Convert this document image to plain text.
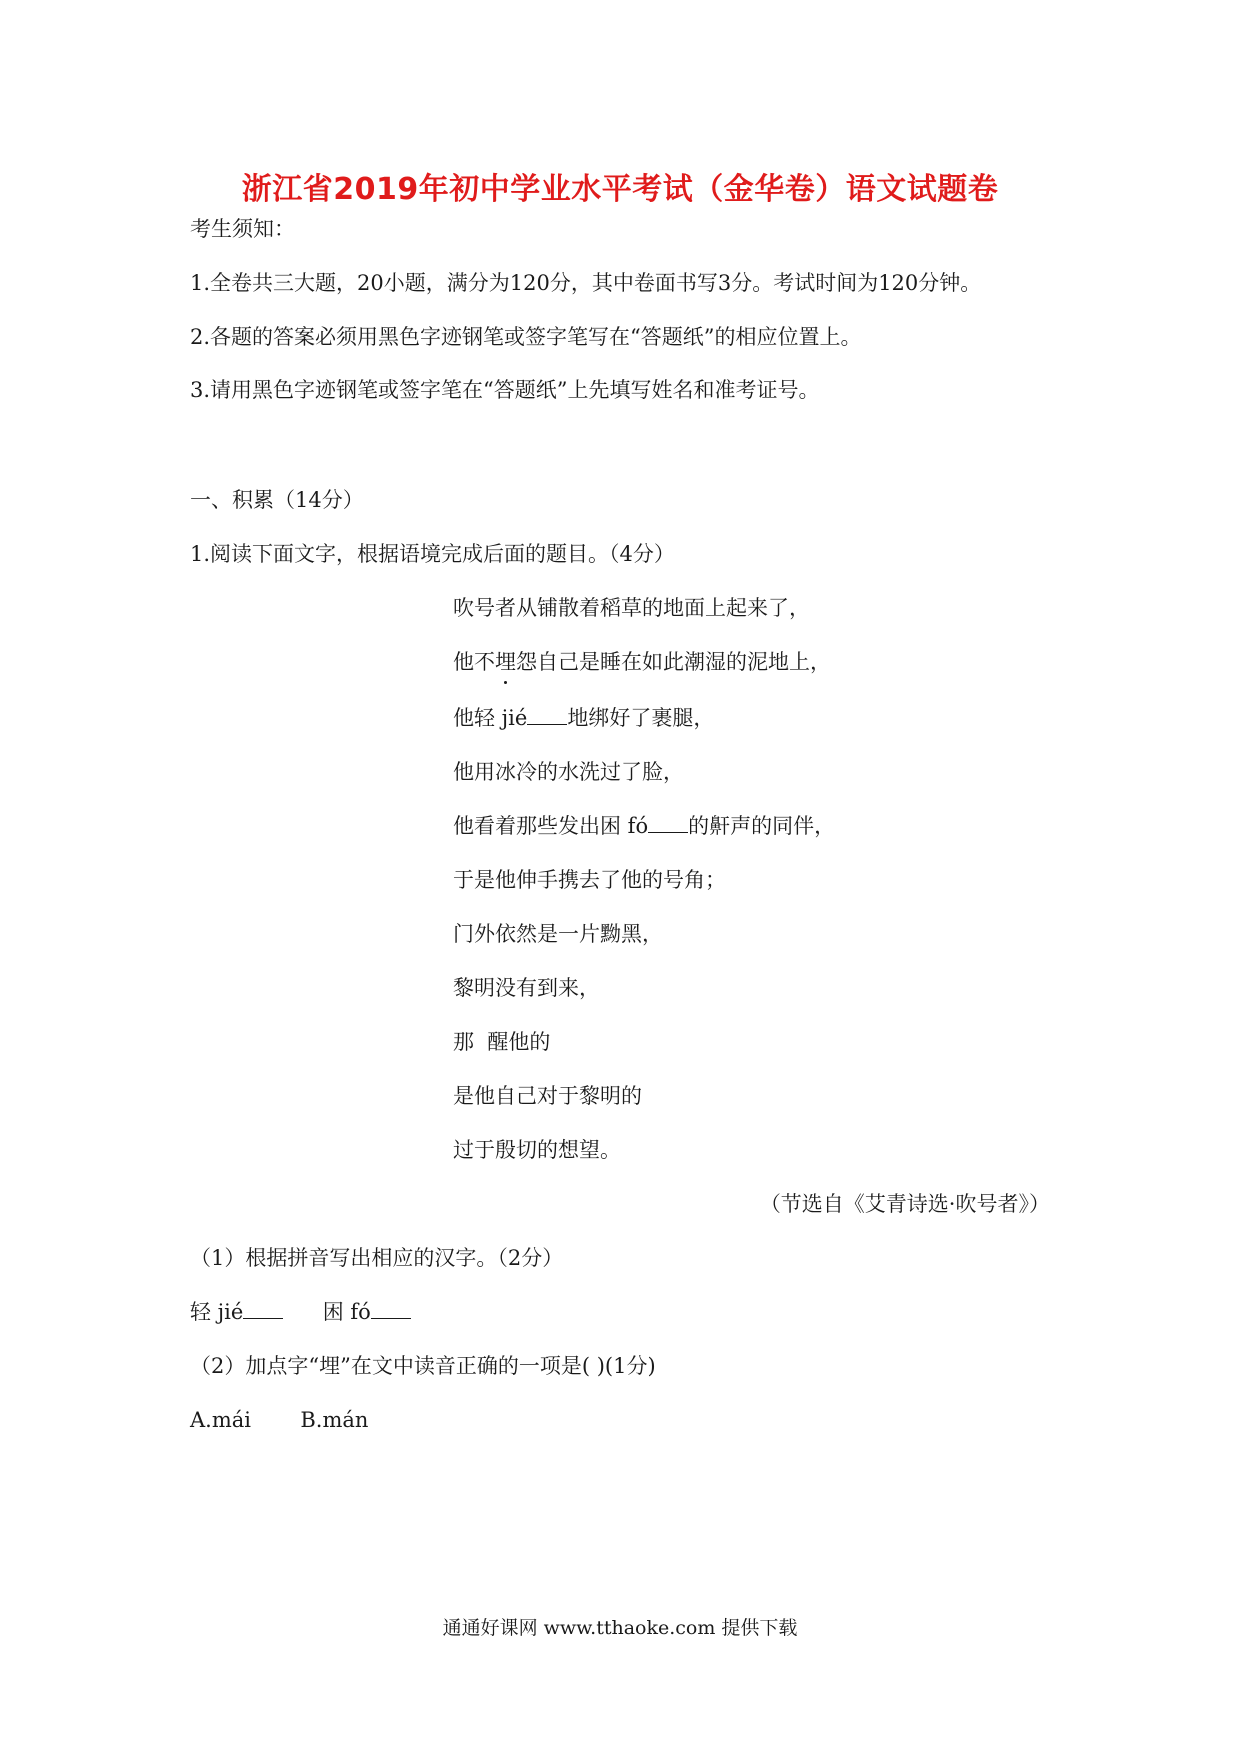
浙江省2019年初中学业水平考试（金华卷）语文试题卷
考生须知：
1.全卷共三大题，20小题，满分为120分，其中卷面书写3分。考试时间为120分钟。
2.各题的答案必须用黑色字迹钢笔或签字笔写在“答题纸”的相应位置上。
3.请用黑色字迹钢笔或签字笔在“答题纸”上先填写姓名和准考证号。
一、积累（14分）
1.阅读下面文字，根据语境完成后面的题目。（4分）
吹号者从铺散着稻草的地面上起来了，
他不埋怨自己是睡在如此潮湿的泥地上，
他轻 jié 地绑好了裹腿，
他用冰冷的水洗过了脸，
他看着那些发出困 fó 的鼾声的同伴，
于是他伸手携去了他的号角；
门外依然是一片黝黑，
黎明没有到来，
那  醒他的
是他自己对于黎明的
过于殷切的想望。
（节选自《艾青诗选·吹号者》）
（1）根据拼音写出相应的汉字。（2分）
轻 jié	困 fó
（2）加点字“埋”在文中读音正确的一项是( )(1分)
A.mái B.mán
通通好课网 www.tthaoke.com 提供下载
